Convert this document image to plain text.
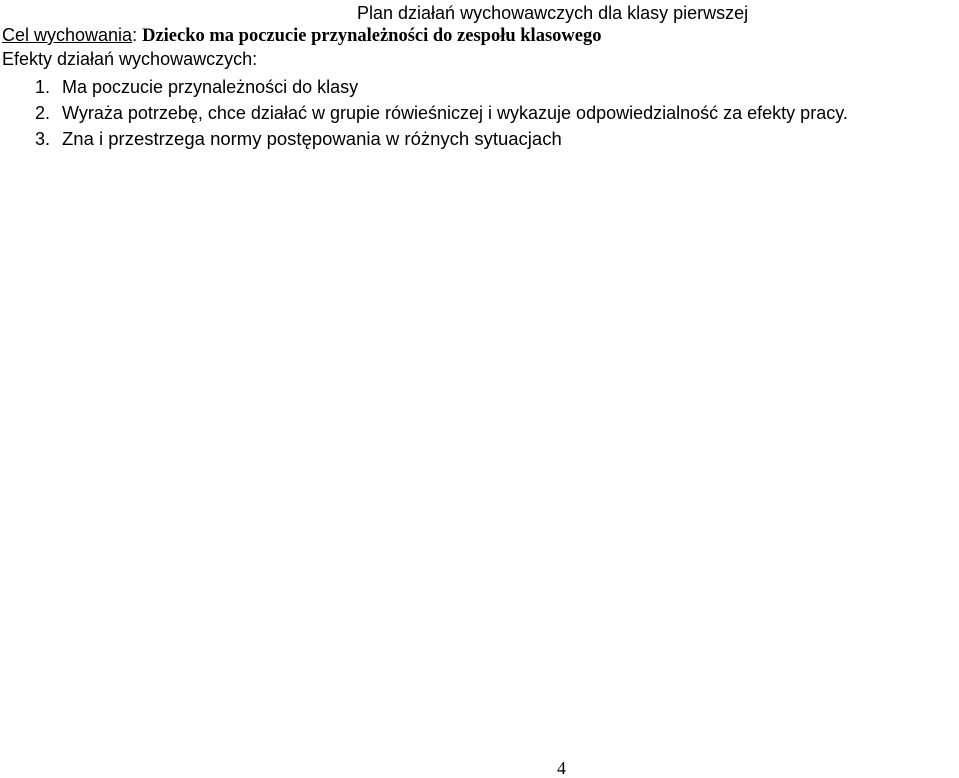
Plan działań wychowawczych dla klasy pierwszej
Cel wychowania: Dziecko ma poczucie przynależności do zespołu klasowego
Efekty działań wychowawczych:
1. Ma poczucie przynależności do klasy
2. Wyraża potrzebę, chce działać w grupie rówieśniczej i wykazuje odpowiedzialność za efekty pracy.
3. Zna i przestrzega normy postępowania w różnych sytuacjach
4
